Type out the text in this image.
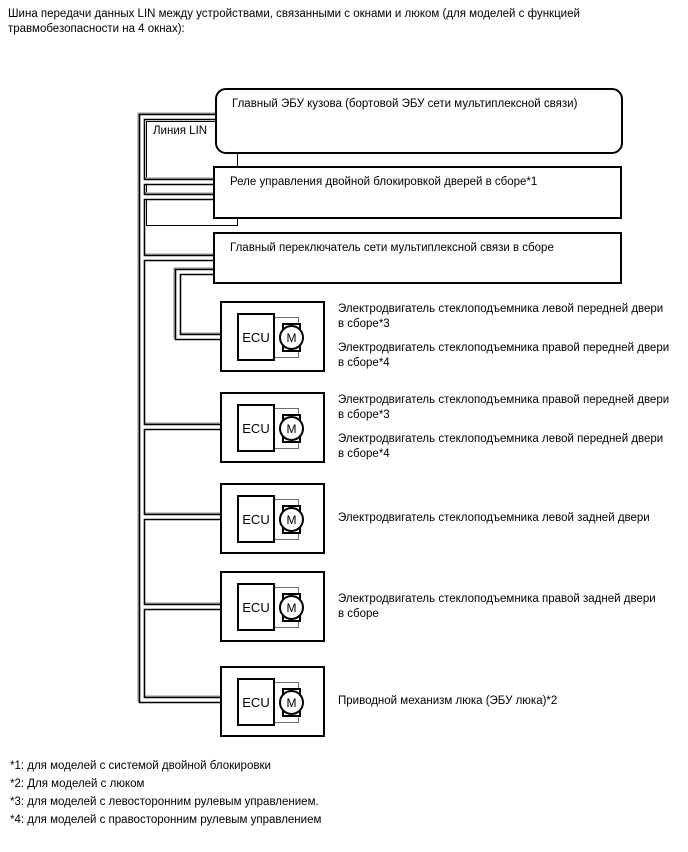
Шина передачи данных LIN между устройствами, связанными с окнами и люком (для моделей с функцией травмобезопасности на 4 окнах):
Линия LIN
Главный ЭБУ кузова (бортовой ЭБУ сети мультиплексной связи)
Реле управления двойной блокировкой дверей в сборе*1
Главный переключатель сети мультиплексной связи в сборе
ECU	M
Электродвигатель стеклоподъемника левой передней двери
в сборе*3
Электродвигатель стеклоподъемника правой передней двери
в сборе*4
ECU	M
Электродвигатель стеклоподъемника правой передней двери
в сборе*3
Электродвигатель стеклоподъемника левой передней двери
в сборе*4
ECU	M	Электродвигатель стеклоподъемника левой задней двери
ECU	M
Электродвигатель стеклоподъемника правой задней двери
в сборе
ECU	M	Приводной механизм люка (ЭБУ люка)*2
*1: для моделей с системой двойной блокировки
*2: Для моделей с люком
*3: для моделей с левосторонним рулевым управлением.
*4: для моделей с правосторонним рулевым управлением
